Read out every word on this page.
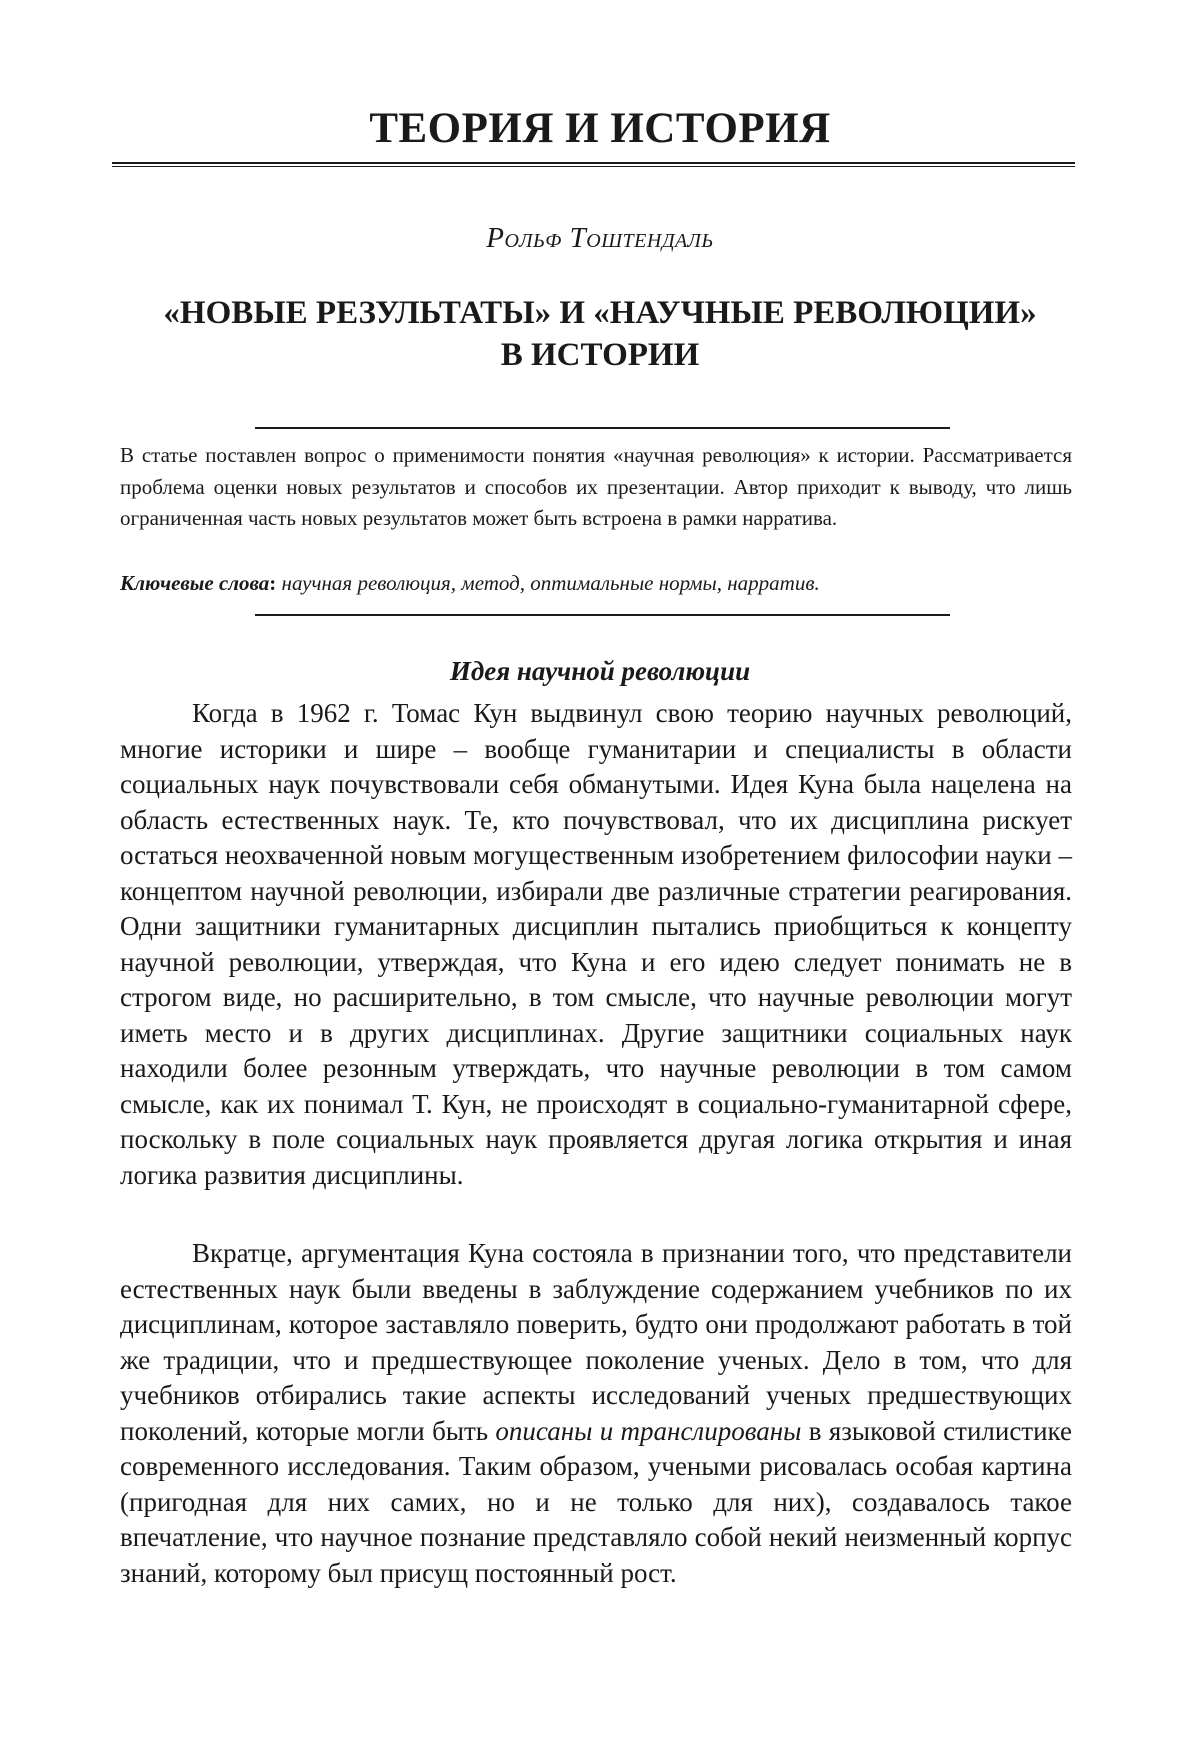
ТЕОРИЯ И ИСТОРИЯ
Рольф Тоштендаль
«НОВЫЕ РЕЗУЛЬТАТЫ» И «НАУЧНЫЕ РЕВОЛЮЦИИ»
В ИСТОРИИ

В статье поставлен вопрос о применимости понятия «научная революция» к истории. Рассматривается проблема оценки новых результатов и способов их презентации. Автор приходит к выводу, что лишь ограниченная часть новых результатов может быть встроена в рамки нарратива.

Ключевые слова: научная революция, метод, оптимальные нормы, нарратив.

Идея научной революции

Когда в 1962 г. Томас Кун выдвинул свою теорию научных революций, многие историки и шире – вообще гуманитарии и специалисты в области социальных наук почувствовали себя обманутыми. Идея Куна была нацелена на область естественных наук. Те, кто почувствовал, что их дисциплина рискует остаться неохваченной новым могущественным изобретением философии науки – концептом научной революции, избирали две различные стратегии реагирования. Одни защитники гуманитарных дисциплин пытались приобщиться к концепту научной революции, утверждая, что Куна и его идею следует понимать не в строгом виде, но расширительно, в том смысле, что научные революции могут иметь место и в других дисциплинах. Другие защитники социальных наук находили более резонным утверждать, что научные революции в том самом смысле, как их понимал Т. Кун, не происходят в социально-гуманитарной сфере, поскольку в поле социальных наук проявляется другая логика открытия и иная логика развития дисциплины.

Вкратце, аргументация Куна состояла в признании того, что представители естественных наук были введены в заблуждение содержанием учебников по их дисциплинам, которое заставляло поверить, будто они продолжают работать в той же традиции, что и предшествующее поколение ученых. Дело в том, что для учебников отбирались такие аспекты исследований ученых предшествующих поколений, которые могли быть описаны и транслированы в языковой стилистике современного исследования. Таким образом, учеными рисовалась особая картина (пригодная для них самих, но и не только для них), создавалось такое впечатление, что научное познание представляло собой некий неизменный корпус знаний, которому был присущ постоянный рост.
